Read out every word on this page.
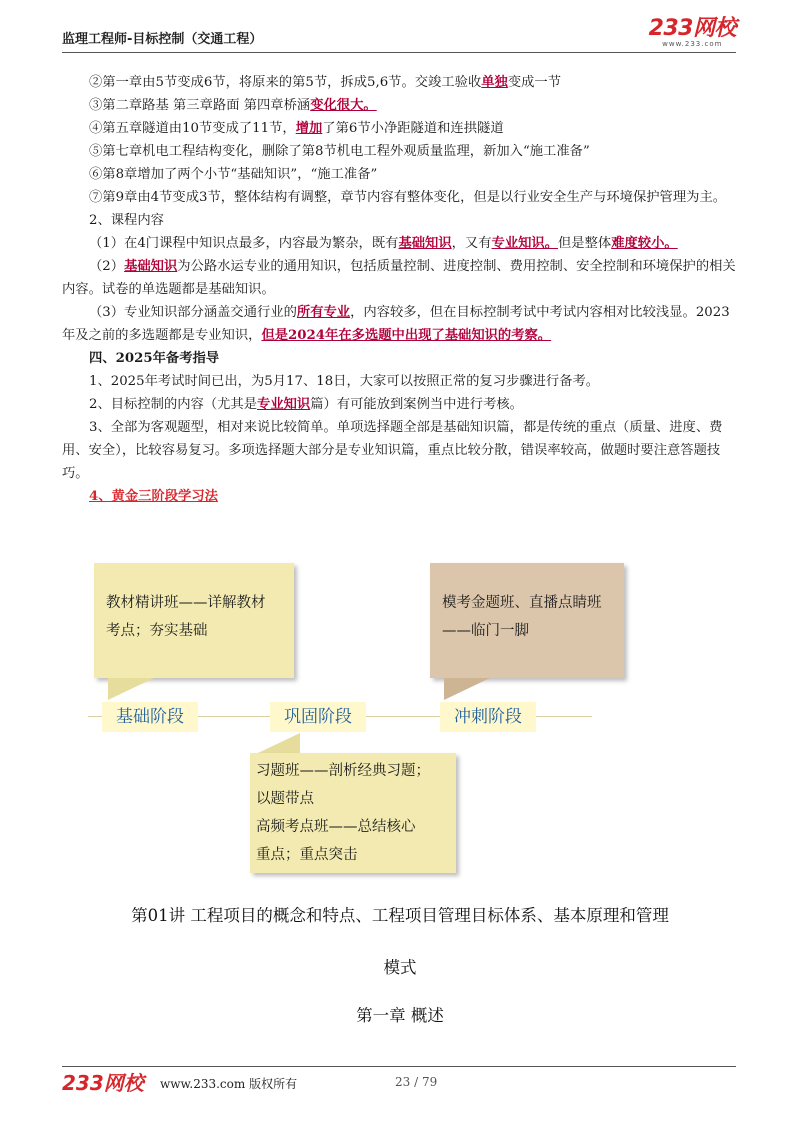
监理工程师-目标控制（交通工程）	233网校
www.233.com

②第一章由5节变成6节，将原来的第5节，拆成5,6节。交竣工验收单独变成一节

③第二章路基 第三章路面 第四章桥涵变化很大。

④第五章隧道由10节变成了11节，增加了第6节小净距隧道和连拱隧道

⑤第七章机电工程结构变化，删除了第8节机电工程外观质量监理，新加入“施工准备”

⑥第8章增加了两个小节“基础知识”，“施工准备”

⑦第9章由4节变成3节，整体结构有调整，章节内容有整体变化，但是以行业安全生产与环境保护管理为主。

2、课程内容

（1）在4门课程中知识点最多，内容最为繁杂，既有基础知识，又有专业知识。但是整体难度较小。

（2）基础知识为公路水运专业的通用知识，包括质量控制、进度控制、费用控制、安全控制和环境保护的相关内容。试卷的单选题都是基础知识。

（3）专业知识部分涵盖交通行业的所有专业，内容较多，但在目标控制考试中考试内容相对比较浅显。2023年及之前的多选题都是专业知识，但是2024年在多选题中出现了基础知识的考察。

四、2025年备考指导

1、2025年考试时间已出，为5月17、18日，大家可以按照正常的复习步骤进行备考。

2、目标控制的内容（尤其是专业知识篇）有可能放到案例当中进行考核。

3、全部为客观题型，相对来说比较简单。单项选择题全部是基础知识篇，都是传统的重点（质量、进度、费用、安全），比较容易复习。多项选择题大部分是专业知识篇，重点比较分散，错误率较高，做题时要注意答题技巧。

4、黄金三阶段学习法

教材精讲班——详解教材
考点；夯实基础
模考金题班、直播点睛班
——临门一脚
习题班——剖析经典习题；
以题带点
高频考点班——总结核心
重点；重点突击
基础阶段	巩固阶段	冲刺阶段
第01讲 工程项目的概念和特点、工程项目管理目标体系、基本原理和管理
模式
第一章 概述
233网校 www.233.com 版权所有	23 / 79
